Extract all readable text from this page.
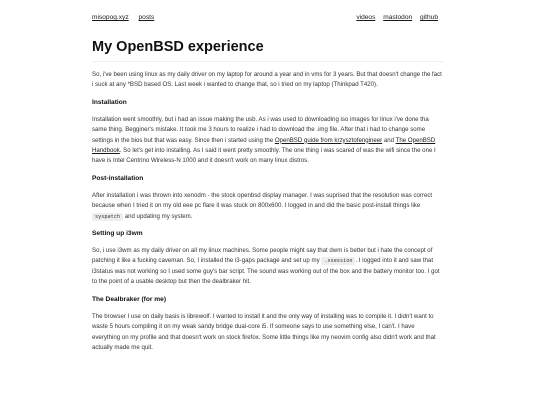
misopog.xyz posts	videos mastodon github
My OpenBSD experience

So, i've been using linux as my daily driver on my laptop for around a year and in vms for 3 years. But that doesn't change the fact i suck at any *BSD based OS. Last week i wanted to change that, so i tried on my laptop (Thinkpad T420).

Installation

Installation went smoothly, but i had an issue making the usb. As i was used to downloading iso images for linux i've done tha same thing. Begginer's mistake. It took me 3 hours to realize i had to download the .img file. After that i had to change some settings in the bios but that was easy. Since then i started using the OpenBSD guide from krzysztofengineer and The OpenBSD Handbook. So let's get into installing. As I said it went pretty smoothly. The one thing i was scared of was the wifi since the one I have is Intel Centrino Wireless-N 1000 and it doesn't work on many linux distros.

Post-installation

After installation i was thrown into xenodm - the stock openbsd display manager. I was suprised that the resolution was correct because when I tried it on my old eee pc flare it was stuck on 800x600. I logged in and did the basic post-install things like syspatch and updating my system.

Setting up i3wm

So, i use i3wm as my daily driver on all my linux machines. Some people might say that dwm is better but i hate the concept of patching it like a fucking caveman. So, I installed the i3-gaps package and set up my .xsession . I logged into it and saw that i3status was not working so I used some guy's bar script. The sound was working out of the box and the battery monitor too. I got to the point of a usable desktop but then the dealbraker hit.

The Dealbraker (for me)

The browser I use on daily basis is librewolf. I wanted to install it and the only way of installing was to compile it. I didn't want to waste 5 hours compiling it on my weak sandy bridge dual-core i5. If someone says to use something else, I can't. I have everything on my profile and that doesn't work on stock firefox. Some little things like my neovim config also didn't work and that actually made me quit.
